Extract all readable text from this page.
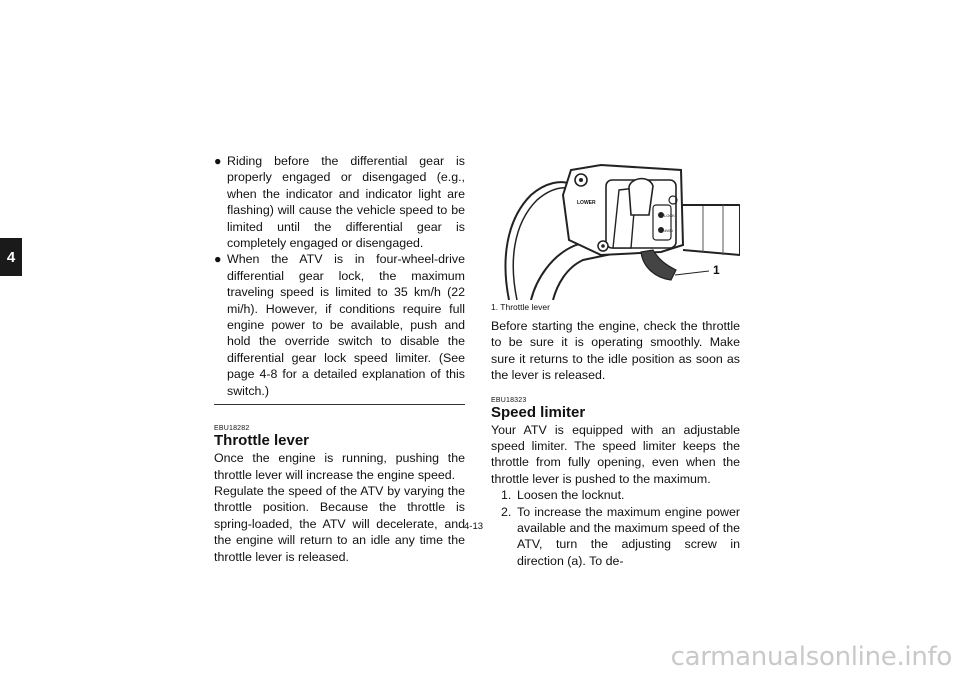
4
● Riding before the differential gear is properly engaged or disengaged (e.g., when the indicator and indicator light are flashing) will cause the vehicle speed to be limited until the differential gear is completely engaged or disengaged.
● When the ATV is in four-wheel-drive differential gear lock, the maximum traveling speed is limited to 35 km/h (22 mi/h). However, if conditions require full engine power to be available, push and hold the override switch to disable the differential gear lock speed limiter. (See page 4-8 for a detailed explanation of this switch.)
EBU18282
Throttle lever

Once the engine is running, pushing the throttle lever will increase the engine speed.

Regulate the speed of the ATV by varying the throttle position. Because the throttle is spring-loaded, the ATV will decelerate, and the engine will return to an idle any time the throttle lever is released.

LOCK
4WD
LOWER
1
1. Throttle lever

Before starting the engine, check the throttle to be sure it is operating smoothly. Make sure it returns to the idle position as soon as the lever is released.

EBU18323
Speed limiter

Your ATV is equipped with an adjustable speed limiter. The speed limiter keeps the throttle from fully opening, even when the throttle lever is pushed to the maximum.

1. Loosen the locknut.
2. To increase the maximum engine power available and the maximum speed of the ATV, turn the adjusting screw in direction (a). To de-
4-13
carmanualsonline.info
